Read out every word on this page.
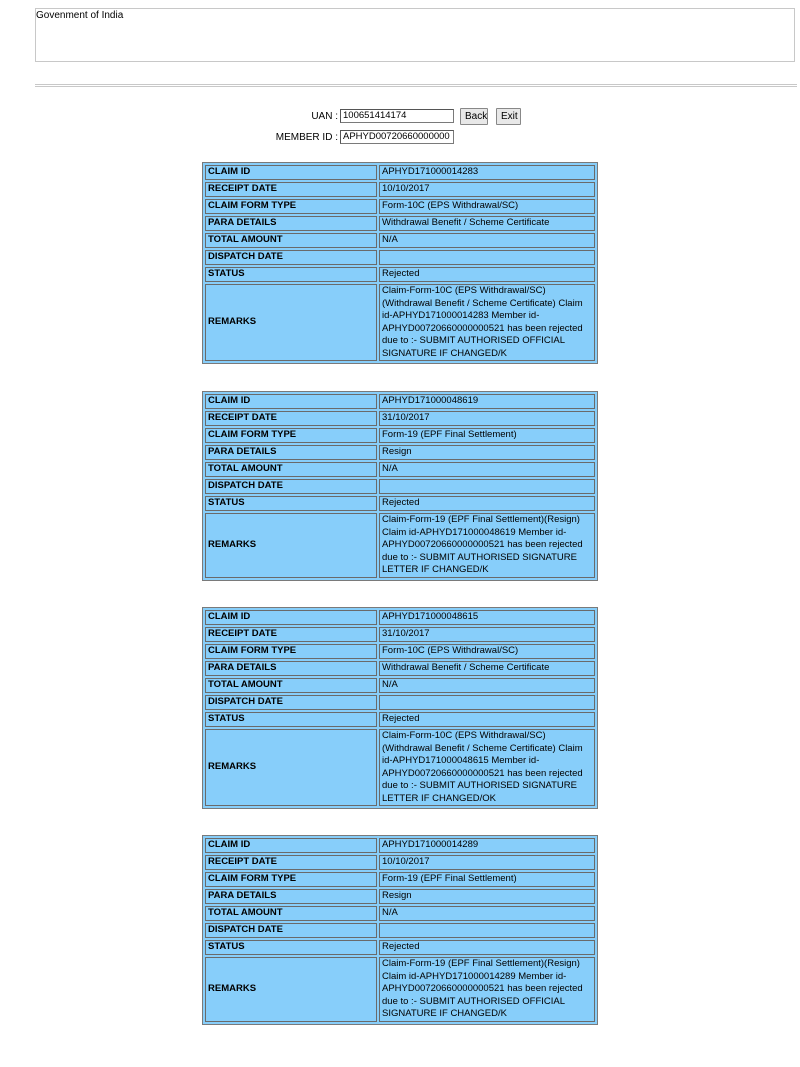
Govenment of India
UAN : 100651414174	Back	Exit
MEMBER ID : APHYD00720660000000
CLAIM ID	APHYD171000014283
RECEIPT DATE	10/10/2017
CLAIM FORM TYPE	Form-10C (EPS Withdrawal/SC)
PARA DETAILS	Withdrawal Benefit / Scheme Certificate
TOTAL AMOUNT	N/A
DISPATCH DATE	
STATUS	Rejected
REMARKS	Claim-Form-10C (EPS Withdrawal/SC) (Withdrawal Benefit / Scheme Certificate) Claim id-APHYD171000014283 Member id-APHYD00720660000000521 has been rejected due to :- SUBMIT AUTHORISED OFFICIAL SIGNATURE IF CHANGED/K
CLAIM ID	APHYD171000048619
RECEIPT DATE	31/10/2017
CLAIM FORM TYPE	Form-19 (EPF Final Settlement)
PARA DETAILS	Resign
TOTAL AMOUNT	N/A
DISPATCH DATE	
STATUS	Rejected
REMARKS	Claim-Form-19 (EPF Final Settlement)(Resign) Claim id-APHYD171000048619 Member id-APHYD00720660000000521 has been rejected due to :- SUBMIT AUTHORISED SIGNATURE LETTER IF CHANGED/K
CLAIM ID	APHYD171000048615
RECEIPT DATE	31/10/2017
CLAIM FORM TYPE	Form-10C (EPS Withdrawal/SC)
PARA DETAILS	Withdrawal Benefit / Scheme Certificate
TOTAL AMOUNT	N/A
DISPATCH DATE	
STATUS	Rejected
REMARKS	Claim-Form-10C (EPS Withdrawal/SC) (Withdrawal Benefit / Scheme Certificate) Claim id-APHYD171000048615 Member id-APHYD00720660000000521 has been rejected due to :- SUBMIT AUTHORISED SIGNATURE LETTER IF CHANGED/OK
CLAIM ID	APHYD171000014289
RECEIPT DATE	10/10/2017
CLAIM FORM TYPE	Form-19 (EPF Final Settlement)
PARA DETAILS	Resign
TOTAL AMOUNT	N/A
DISPATCH DATE	
STATUS	Rejected
REMARKS	Claim-Form-19 (EPF Final Settlement)(Resign) Claim id-APHYD171000014289 Member id-APHYD00720660000000521 has been rejected due to :- SUBMIT AUTHORISED OFFICIAL SIGNATURE IF CHANGED/K
